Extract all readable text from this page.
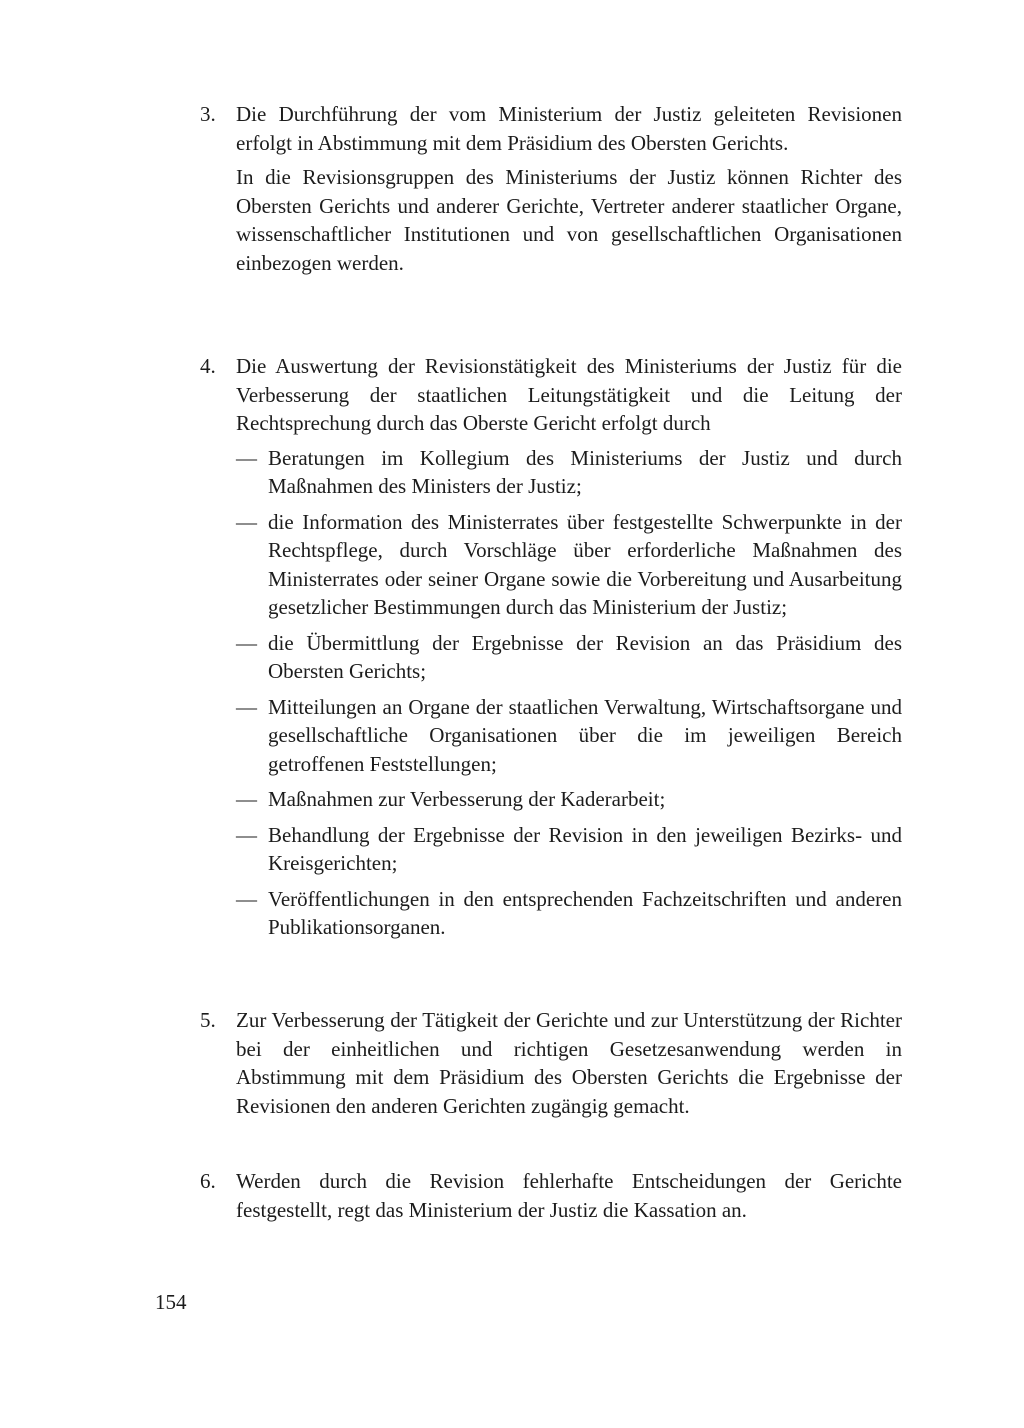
3. Die Durchführung der vom Ministerium der Justiz geleiteten Revisionen erfolgt in Abstimmung mit dem Präsidium des Obersten Gerichts.

In die Revisionsgruppen des Ministeriums der Justiz können Richter des Obersten Gerichts und anderer Gerichte, Vertreter anderer staatlicher Organe, wissenschaftlicher Institutionen und von gesellschaftlichen Organisationen einbezogen werden.

4. Die Auswertung der Revisionstätigkeit des Ministeriums der Justiz für die Verbesserung der staatlichen Leitungstätigkeit und die Leitung der Rechtsprechung durch das Oberste Gericht erfolgt durch

— Beratungen im Kollegium des Ministeriums der Justiz und durch Maßnahmen des Ministers der Justiz;
— die Information des Ministerrates über festgestellte Schwerpunkte in der Rechtspflege, durch Vorschläge über erforderliche Maßnahmen des Ministerrates oder seiner Organe sowie die Vorbereitung und Ausarbeitung gesetzlicher Bestimmungen durch das Ministerium der Justiz;
— die Übermittlung der Ergebnisse der Revision an das Präsidium des Obersten Gerichts;
— Mitteilungen an Organe der staatlichen Verwaltung, Wirtschaftsorgane und gesellschaftliche Organisationen über die im jeweiligen Bereich getroffenen Feststellungen;
— Maßnahmen zur Verbesserung der Kaderarbeit;
— Behandlung der Ergebnisse der Revision in den jeweiligen Bezirks- und Kreisgerichten;
— Veröffentlichungen in den entsprechenden Fachzeitschriften und anderen Publikationsorganen.
5. Zur Verbesserung der Tätigkeit der Gerichte und zur Unterstützung der Richter bei der einheitlichen und richtigen Gesetzesanwendung werden in Abstimmung mit dem Präsidium des Obersten Gerichts die Ergebnisse der Revisionen den anderen Gerichten zugängig gemacht.

6. Werden durch die Revision fehlerhafte Entscheidungen der Gerichte festgestellt, regt das Ministerium der Justiz die Kassation an.

154
